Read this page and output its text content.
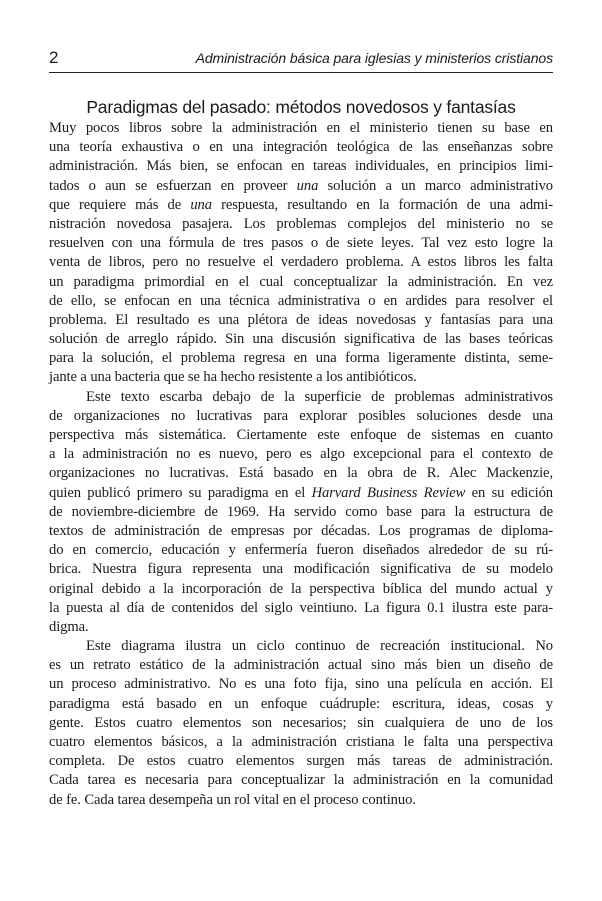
2	Administración básica para iglesias y ministerios cristianos
Paradigmas del pasado: métodos novedosos y fantasías

Muy pocos libros sobre la administración en el ministerio tienen su base en
una teoría exhaustiva o en una integración teológica de las enseñanzas sobre
administración. Más bien, se enfocan en tareas individuales, en principios limi-
tados o aun se esfuerzan en proveer una solución a un marco administrativo
que requiere más de una respuesta, resultando en la formación de una admi-
nistración novedosa pasajera. Los problemas complejos del ministerio no se
resuelven con una fórmula de tres pasos o de siete leyes. Tal vez esto logre la
venta de libros, pero no resuelve el verdadero problema. A estos libros les falta
un paradigma primordial en el cual conceptualizar la administración. En vez
de ello, se enfocan en una técnica administrativa o en ardides para resolver el
problema. El resultado es una plétora de ideas novedosas y fantasías para una
solución de arreglo rápido. Sin una discusión significativa de las bases teóricas
para la solución, el problema regresa en una forma ligeramente distinta, seme-
jante a una bacteria que se ha hecho resistente a los antibióticos.

Este texto escarba debajo de la superficie de problemas administrativos
de organizaciones no lucrativas para explorar posibles soluciones desde una
perspectiva más sistemática. Ciertamente este enfoque de sistemas en cuanto
a la administración no es nuevo, pero es algo excepcional para el contexto de
organizaciones no lucrativas. Está basado en la obra de R. Alec Mackenzie,
quien publicó primero su paradigma en el Harvard Business Review en su edición
de noviembre-diciembre de 1969. Ha servido como base para la estructura de
textos de administración de empresas por décadas. Los programas de diploma-
do en comercio, educación y enfermería fueron diseñados alrededor de su rú-
brica. Nuestra figura representa una modificación significativa de su modelo
original debido a la incorporación de la perspectiva bíblica del mundo actual y
la puesta al día de contenidos del siglo veintiuno. La figura 0.1 ilustra este para-
digma.

Este diagrama ilustra un ciclo continuo de recreación institucional. No
es un retrato estático de la administración actual sino más bien un diseño de
un proceso administrativo. No es una foto fija, sino una película en acción. El
paradigma está basado en un enfoque cuádruple: escritura, ideas, cosas y
gente. Estos cuatro elementos son necesarios; sin cualquiera de uno de los
cuatro elementos básicos, a la administración cristiana le falta una perspectiva
completa. De estos cuatro elementos surgen más tareas de administración.
Cada tarea es necesaria para conceptualizar la administración en la comunidad
de fe. Cada tarea desempeña un rol vital en el proceso continuo.
